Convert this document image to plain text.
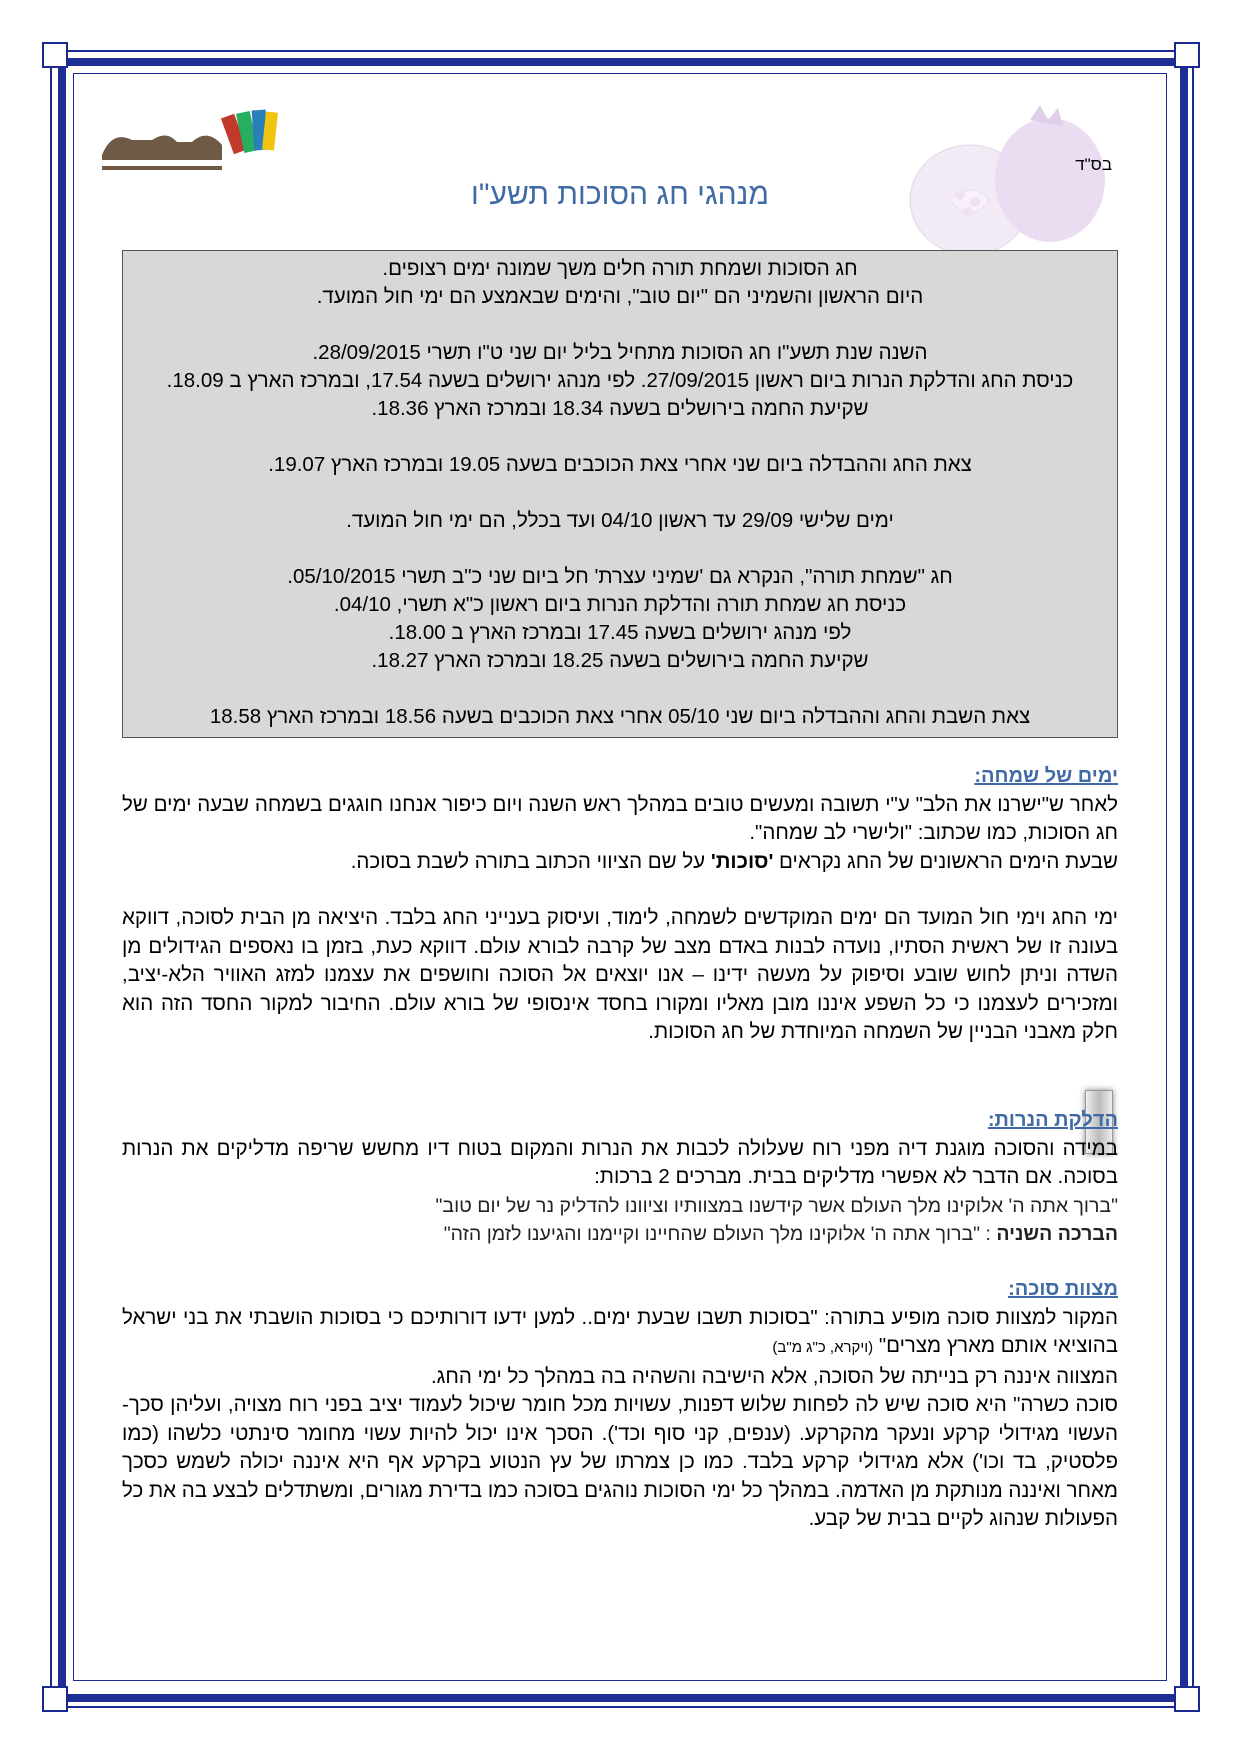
בס"ד
מנהגי חג הסוכות תשע"ו

חג הסוכות ושמחת תורה חלים משך שמונה ימים רצופים.

היום הראשון והשמיני הם "יום טוב", והימים שבאמצע הם ימי חול המועד.

השנה שנת תשע"ו חג הסוכות מתחיל בליל יום שני ט"ו תשרי 28/09/2015.

כניסת החג והדלקת הנרות ביום ראשון 27/09/2015. לפי מנהג ירושלים בשעה 17.54, ובמרכז הארץ ב 18.09. שקיעת החמה בירושלים בשעה 18.34 ובמרכז הארץ 18.36.

צאת החג וההבדלה ביום שני אחרי צאת הכוכבים בשעה 19.05 ובמרכז הארץ 19.07.

ימים שלישי 29/09 עד ראשון 04/10 ועד בכלל, הם ימי חול המועד.

חג "שמחת תורה", הנקרא גם 'שמיני עצרת' חל ביום שני כ"ב תשרי 05/10/2015.

כניסת חג שמחת תורה והדלקת הנרות ביום ראשון כ"א תשרי, 04/10.

לפי מנהג ירושלים בשעה 17.45 ובמרכז הארץ ב 18.00.

שקיעת החמה בירושלים בשעה 18.25 ובמרכז הארץ 18.27.

צאת השבת והחג וההבדלה ביום שני 05/10 אחרי צאת הכוכבים בשעה 18.56 ובמרכז הארץ 18.58

ימים של שמחה:

לאחר ש"ישרנו את הלב" ע"י תשובה ומעשים טובים במהלך ראש השנה ויום כיפור אנחנו חוגגים בשמחה שבעה ימים של חג הסוכות, כמו שכתוב: "ולישרי לב שמחה".

שבעת הימים הראשונים של החג נקראים 'סוכות' על שם הציווי הכתוב בתורה לשבת בסוכה.

ימי החג וימי חול המועד הם ימים המוקדשים לשמחה, לימוד, ועיסוק בענייני החג בלבד. היציאה מן הבית לסוכה, דווקא בעונה זו של ראשית הסתיו, נועדה לבנות באדם מצב של קרבה לבורא עולם. דווקא כעת, בזמן בו נאספים הגידולים מן השדה וניתן לחוש שובע וסיפוק על מעשה ידינו – אנו יוצאים אל הסוכה וחושפים את עצמנו למזג האוויר הלא-יציב, ומזכירים לעצמנו כי כל השפע איננו מובן מאליו ומקורו בחסד אינסופי של בורא עולם. החיבור למקור החסד הזה הוא חלק מאבני הבניין של השמחה המיוחדת של חג הסוכות.

הדלקת הנרות:

במידה והסוכה מוגנת דיה מפני רוח שעלולה לכבות את הנרות והמקום בטוח דיו מחשש שריפה מדליקים את הנרות בסוכה. אם הדבר לא אפשרי מדליקים בבית. מברכים 2 ברכות:

"ברוך אתה ה' אלוקינו מלך העולם אשר קידשנו במצוותיו וציוונו להדליק נר של יום טוב"

הברכה השניה : "ברוך אתה ה' אלוקינו מלך העולם שהחיינו וקיימנו והגיענו לזמן הזה"

מצוות סוכה:

המקור למצוות סוכה מופיע בתורה: "בסוכות תשבו שבעת ימים.. למען ידעו דורותיכם כי בסוכות הושבתי את בני ישראל בהוציאי אותם מארץ מצרים" (ויקרא, כ"ג מ"ב)

המצווה איננה רק בנייתה של הסוכה, אלא הישיבה והשהיה בה במהלך כל ימי החג.

סוכה כשרה" היא סוכה שיש לה לפחות שלוש דפנות, עשויות מכל חומר שיכול לעמוד יציב בפני רוח מצויה, ועליהן סכך- העשוי מגידולי קרקע ונעקר מהקרקע. (ענפים, קני סוף וכד'). הסכך אינו יכול להיות עשוי מחומר סינתטי כלשהו (כמו פלסטיק, בד וכו') אלא מגידולי קרקע בלבד. כמו כן צמרתו של עץ הנטוע בקרקע אף היא איננה יכולה לשמש כסכך מאחר ואיננה מנותקת מן האדמה. במהלך כל ימי הסוכות נוהגים בסוכה כמו בדירת מגורים, ומשתדלים לבצע בה את כל הפעולות שנהוג לקיים בבית של קבע.
